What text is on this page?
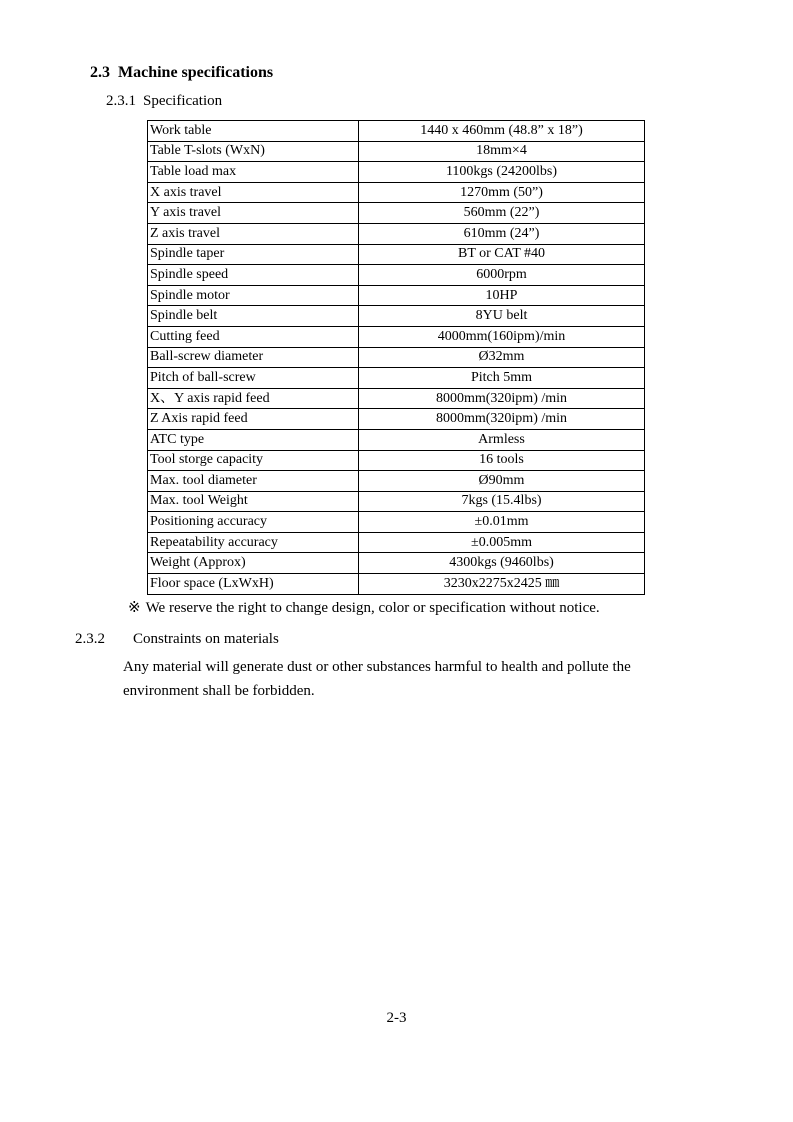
2.3 Machine specifications
2.3.1 Specification
Work table	1440 x 460mm (48.8” x 18”)
Table T-slots (WxN)	18mm×4
Table load max	1100kgs (24200lbs)
X axis travel	1270mm (50”)
Y axis travel	560mm (22”)
Z axis travel	610mm (24”)
Spindle taper	BT or CAT #40
Spindle speed	6000rpm
Spindle motor	10HP
Spindle belt	8YU belt
Cutting feed	4000mm(160ipm)/min
Ball-screw diameter	Ø32mm
Pitch of ball-screw	Pitch 5mm
X、Y axis rapid feed	8000mm(320ipm) /min
Z Axis rapid feed	8000mm(320ipm) /min
ATC type	Armless
Tool storge capacity	16 tools
Max. tool diameter	Ø90mm
Max. tool Weight	7kgs (15.4lbs)
Positioning accuracy	±0.01mm
Repeatability accuracy	±0.005mm
Weight (Approx)	4300kgs (9460lbs)
Floor space (LxWxH)	3230x2275x2425 ㎜
※ We reserve the right to change design, color or specification without notice.
2.3.2 Constraints on materials
Any material will generate dust or other substances harmful to health and pollute the environment shall be forbidden.
2-3
